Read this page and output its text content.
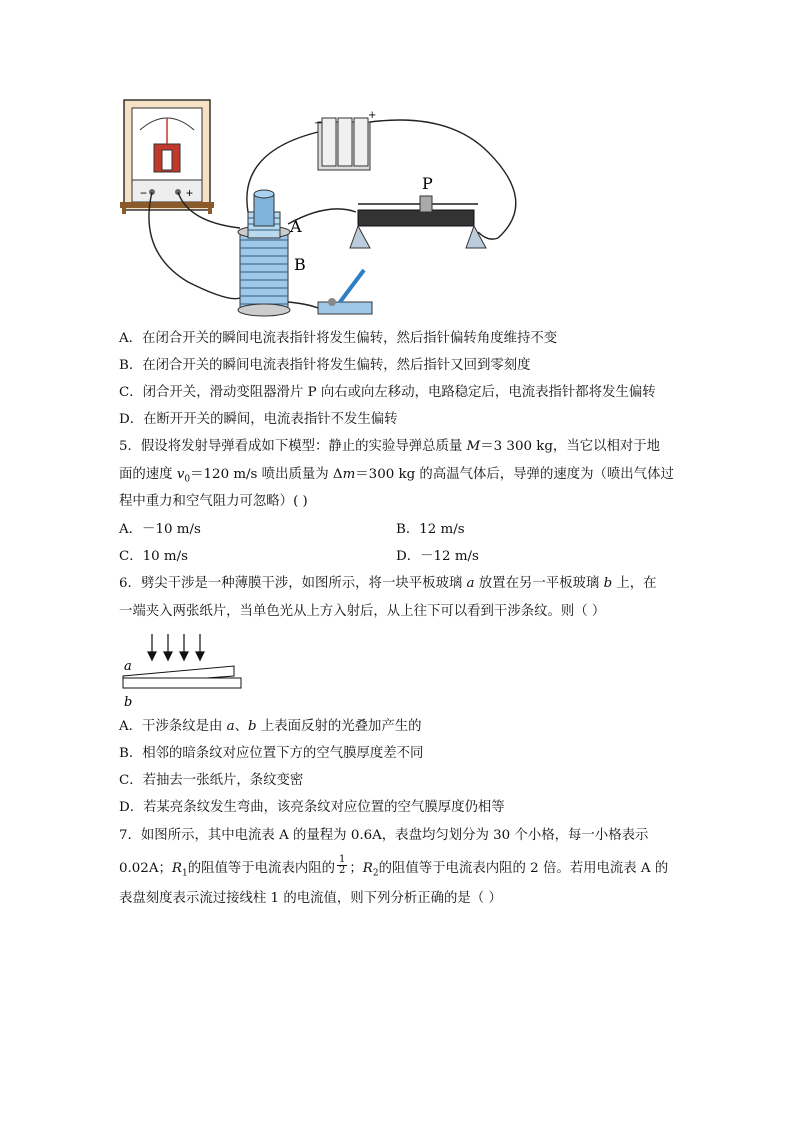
−	+
−
+
A
B
P
A．在闭合开关的瞬间电流表指针将发生偏转，然后指针偏转角度维持不变
B．在闭合开关的瞬间电流表指针将发生偏转，然后指针又回到零刻度
C．闭合开关，滑动变阻器滑片 P 向右或向左移动，电路稳定后，电流表指针都将发生偏转
D．在断开开关的瞬间，电流表指针不发生偏转
5．假设将发射导弹看成如下模型：静止的实验导弹总质量 M＝3 300 kg，当它以相对于地
面的速度 $v_0=120$ m/s 喷出质量为 Δm＝300 kg 的高温气体后，导弹的速度为（喷出气体过
程中重力和空气阻力可忽略）( )
A．－10 m/s	B．12 m/s
C．10 m/s	D．－12 m/s
6．劈尖干涉是一种薄膜干涉，如图所示，将一块平板玻璃 a 放置在另一平板玻璃 b 上，在
一端夹入两张纸片，当单色光从上方入射后，从上往下可以看到干涉条纹。则（ ）
a
b
A．干涉条纹是由 a、b 上表面反射的光叠加产生的
B．相邻的暗条纹对应位置下方的空气膜厚度差不同
C．若抽去一张纸片，条纹变密
D．若某亮条纹发生弯曲，该亮条纹对应位置的空气膜厚度仍相等
7．如图所示，其中电流表 A 的量程为 0.6A，表盘均匀划分为 30 个小格，每一小格表示
0.02A；$R_1$的阻值等于电流表内阻的 $\frac{1}{2}$ ；$R_2$的阻值等于电流表内阻的 2 倍。若用电流表 A 的
表盘刻度表示流过接线柱 1 的电流值，则下列分析正确的是（ ）
